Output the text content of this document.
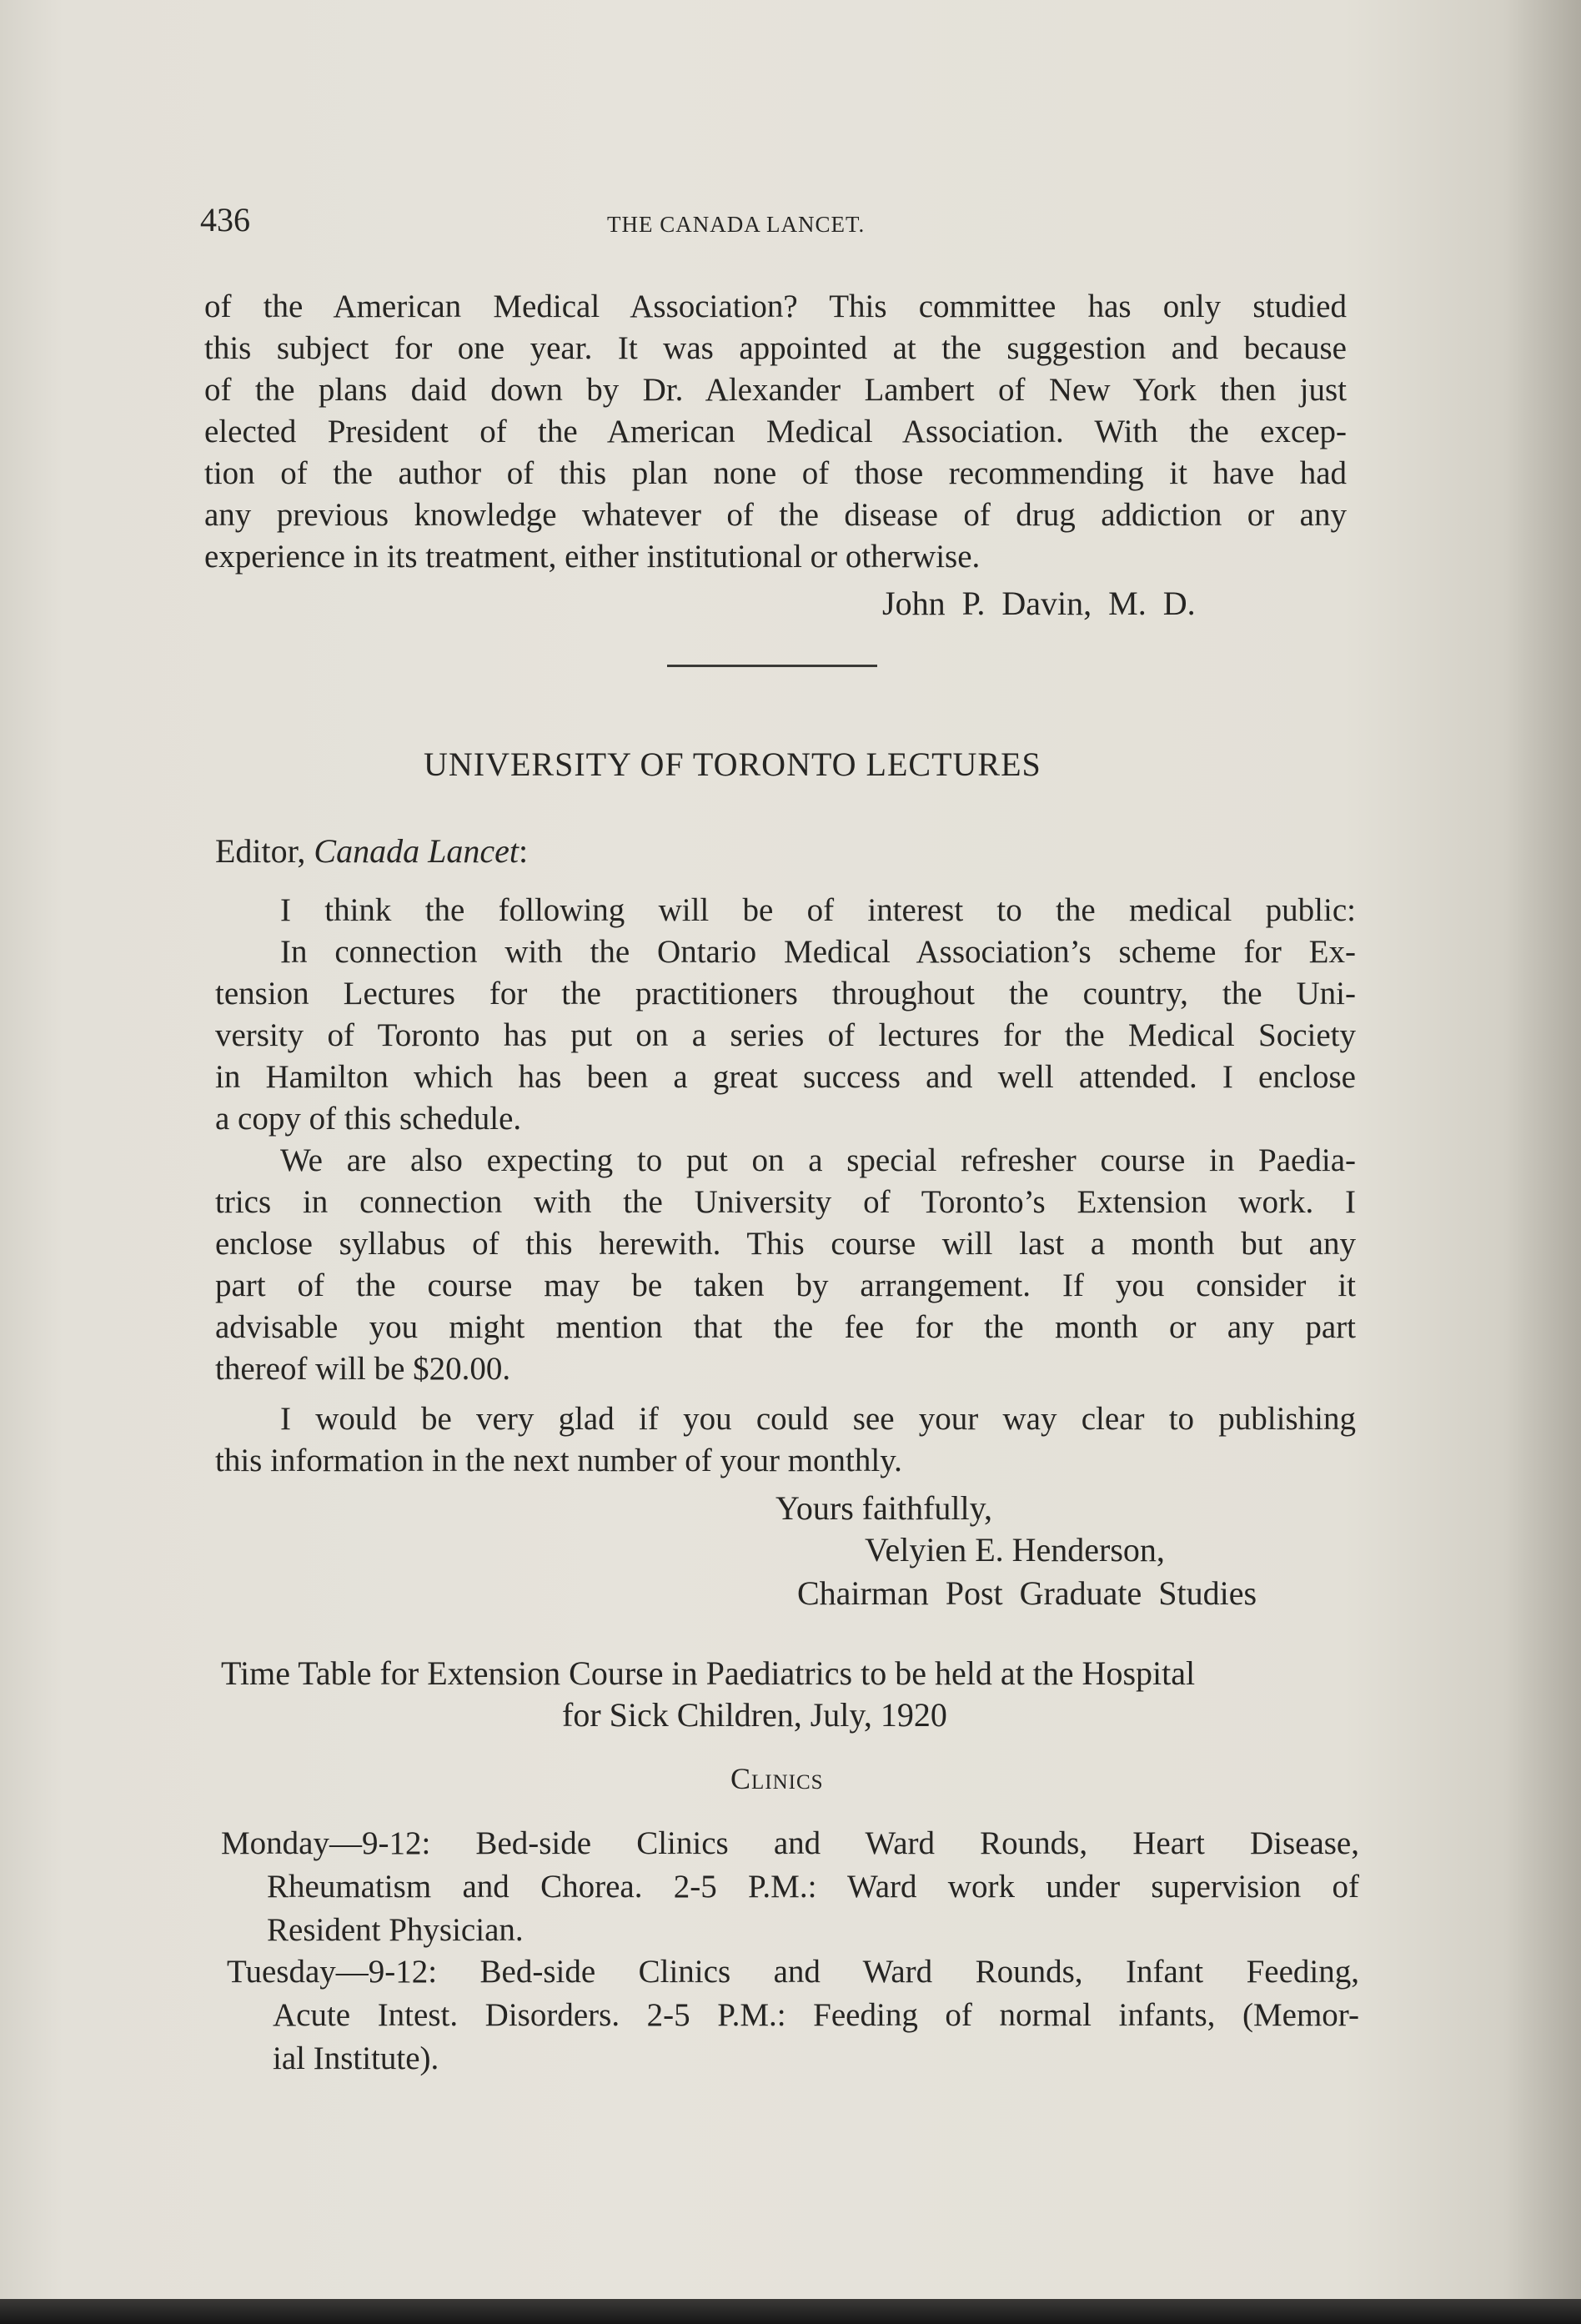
436	THE CANADA LANCET.
of the American Medical Association? This committee has only studied
this subject for one year. It was appointed at the suggestion and because
of the plans daid down by Dr. Alexander Lambert of New York then just
elected President of the American Medical Association. With the excep-
tion of the author of this plan none of those recommending it have had
any previous knowledge whatever of the disease of drug addiction or any
experience in its treatment, either institutional or otherwise.
John P. Davin, M. D.
UNIVERSITY OF TORONTO LECTURES
Editor, Canada Lancet:
I think the following will be of interest to the medical public:
In connection with the Ontario Medical Association’s scheme for Ex-
tension Lectures for the practitioners throughout the country, the Uni-
versity of Toronto has put on a series of lectures for the Medical Society
in Hamilton which has been a great success and well attended. I enclose
a copy of this schedule.
We are also expecting to put on a special refresher course in Paedia-
trics in connection with the University of Toronto’s Extension work. I
enclose syllabus of this herewith. This course will last a month but any
part of the course may be taken by arrangement. If you consider it
advisable you might mention that the fee for the month or any part
thereof will be $20.00.
I would be very glad if you could see your way clear to publishing
this information in the next number of your monthly.
Yours faithfully,
Velyien E. Henderson,
Chairman Post Graduate Studies
Time Table for Extension Course in Paediatrics to be held at the Hospital
for Sick Children, July, 1920
Clinics
Monday—9-12: Bed-side Clinics and Ward Rounds, Heart Disease,
Rheumatism and Chorea. 2-5 P.M.: Ward work under supervision of
Resident Physician.
Tuesday—9-12: Bed-side Clinics and Ward Rounds, Infant Feeding,
Acute Intest. Disorders. 2-5 P.M.: Feeding of normal infants, (Memor-
ial Institute).
